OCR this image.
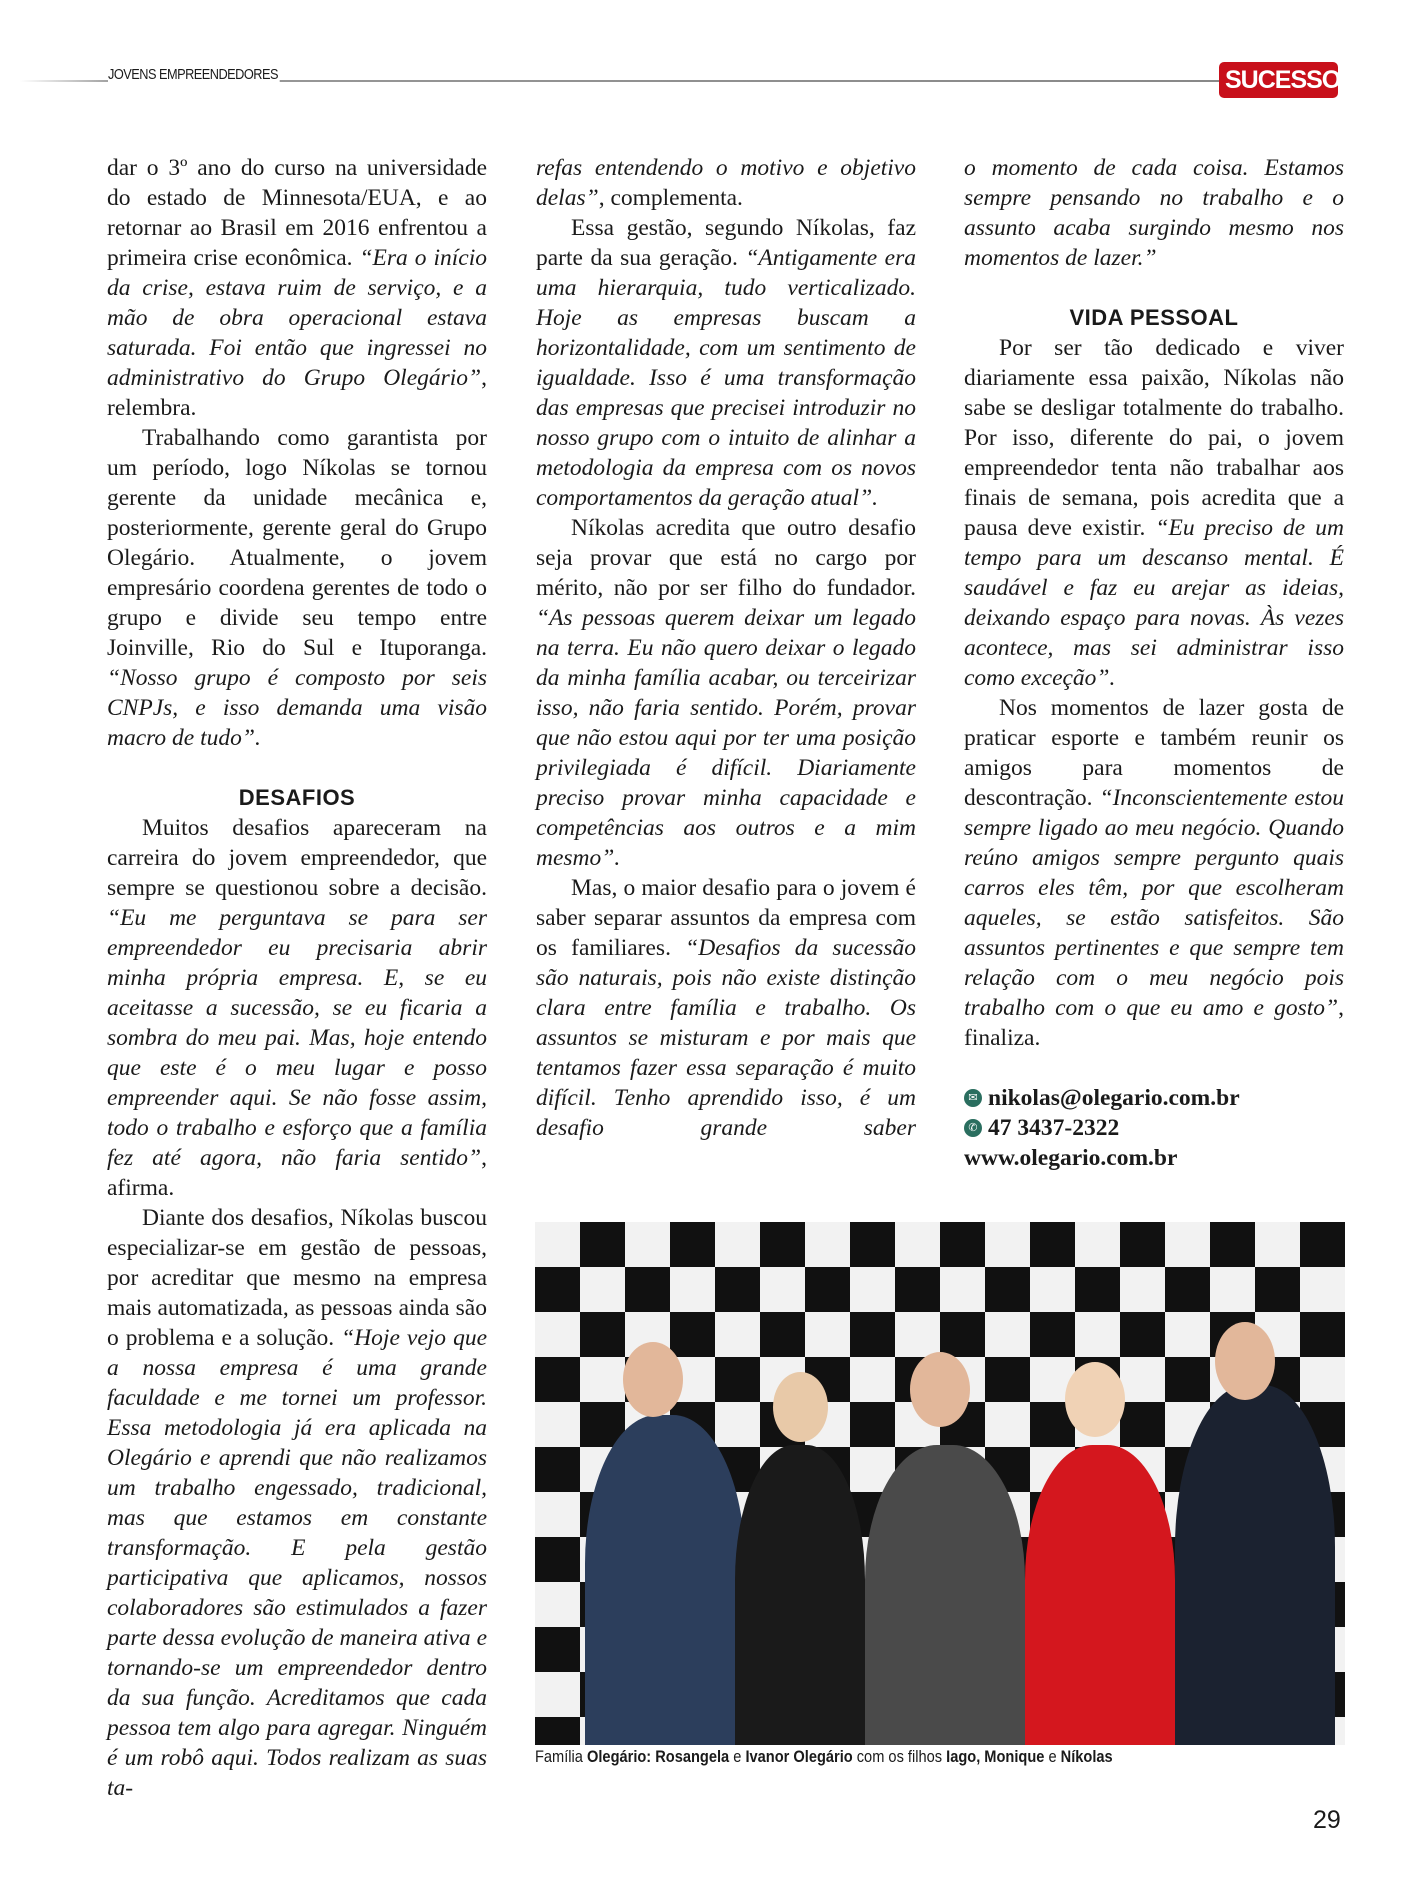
JOVENS EMPREENDEDORES	SUCESSOSA

dar o 3º ano do curso na universidade do estado de Minnesota/EUA, e ao retornar ao Brasil em 2016 enfrentou a primeira crise econômica. “Era o início da crise, estava ruim de serviço, e a mão de obra operacional estava saturada. Foi então que ingressei no administrativo do Grupo Olegário”, relembra.

Trabalhando como garantista por um período, logo Níkolas se tornou gerente da unidade mecânica e, posteriormente, gerente geral do Grupo Olegário. Atualmente, o jovem empresário coordena gerentes de todo o grupo e divide seu tempo entre Joinville, Rio do Sul e Ituporanga. “Nosso grupo é composto por seis CNPJs, e isso demanda uma visão macro de tudo”.

DESAFIOS

Muitos desafios apareceram na carreira do jovem empreendedor, que sempre se questionou sobre a decisão. “Eu me perguntava se para ser empreendedor eu precisaria abrir minha própria empresa. E, se eu aceitasse a sucessão, se eu ficaria a sombra do meu pai. Mas, hoje entendo que este é o meu lugar e posso empreender aqui. Se não fosse assim, todo o trabalho e esforço que a família fez até agora, não faria sentido”, afirma.

Diante dos desafios, Níkolas buscou especializar-se em gestão de pessoas, por acreditar que mesmo na empresa mais automatizada, as pessoas ainda são o problema e a solução. “Hoje vejo que a nossa empresa é uma grande faculdade e me tornei um professor. Essa metodologia já era aplicada na Olegário e aprendi que não realizamos um trabalho engessado, tradicional, mas que estamos em constante transformação. E pela gestão participativa que aplicamos, nossos colaboradores são estimulados a fazer parte dessa evolução de maneira ativa e tornando-se um empreendedor dentro da sua função. Acreditamos que cada pessoa tem algo para agregar. Ninguém é um robô aqui. Todos realizam as suas ta-

refas entendendo o motivo e objetivo delas”, complementa.

Essa gestão, segundo Níkolas, faz parte da sua geração. “Antigamente era uma hierarquia, tudo verticalizado. Hoje as empresas buscam a horizontalidade, com um sentimento de igualdade. Isso é uma transformação das empresas que precisei introduzir no nosso grupo com o intuito de alinhar a metodologia da empresa com os novos comportamentos da geração atual”.

Níkolas acredita que outro desafio seja provar que está no cargo por mérito, não por ser filho do fundador. “As pessoas querem deixar um legado na terra. Eu não quero deixar o legado da minha família acabar, ou terceirizar isso, não faria sentido. Porém, provar que não estou aqui por ter uma posição privilegiada é difícil. Diariamente preciso provar minha capacidade e competências aos outros e a mim mesmo”.

Mas, o maior desafio para o jovem é saber separar assuntos da empresa com os familiares. “Desafios da sucessão são naturais, pois não existe distinção clara entre família e trabalho. Os assuntos se misturam e por mais que tentamos fazer essa separação é muito difícil. Tenho aprendido isso, é um desafio grande saber

o momento de cada coisa. Estamos sempre pensando no trabalho e o assunto acaba surgindo mesmo nos momentos de lazer.”

VIDA PESSOAL

Por ser tão dedicado e viver diariamente essa paixão, Níkolas não sabe se desligar totalmente do trabalho. Por isso, diferente do pai, o jovem empreendedor tenta não trabalhar aos finais de semana, pois acredita que a pausa deve existir. “Eu preciso de um tempo para um descanso mental. É saudável e faz eu arejar as ideias, deixando espaço para novas. Às vezes acontece, mas sei administrar isso como exceção”.

Nos momentos de lazer gosta de praticar esporte e também reunir os amigos para momentos de descontração. “Inconscientemente estou sempre ligado ao meu negócio. Quando reúno amigos sempre pergunto quais carros eles têm, por que escolheram aqueles, se estão satisfeitos. São assuntos pertinentes e que sempre tem relação com o meu negócio pois trabalho com o que eu amo e gosto”, finaliza.

✉ nikolas@olegario.com.br
✆ 47 3437-2322
www.olegario.com.br
Família Olegário: Rosangela e Ivanor Olegário com os filhos Iago, Monique e Níkolas
29
